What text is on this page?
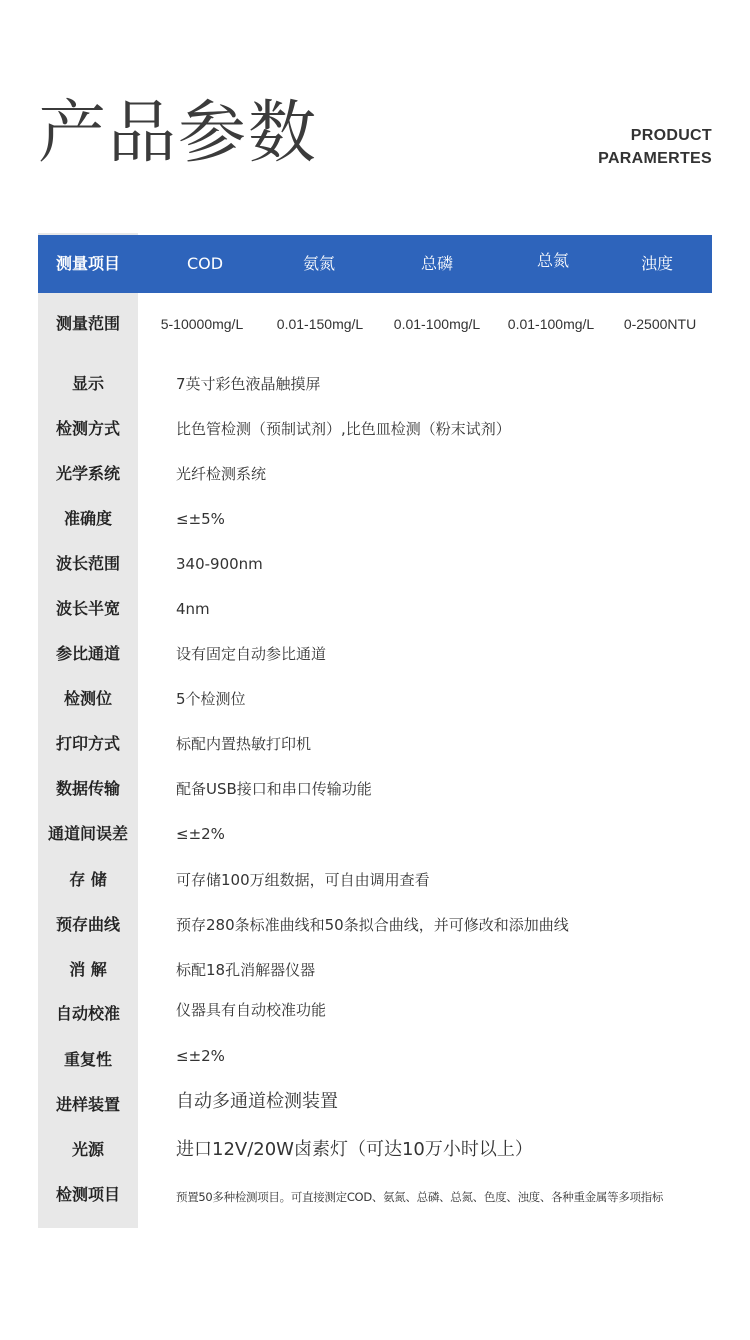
产品参数	PRODUCT
PARAMERTES
测量项目	COD	氨氮	总磷	总氮	浊度
测量范围	5-10000mg/L	0.01-150mg/L	0.01-100mg/L	0.01-100mg/L	0-2500NTU
显示	7英寸彩色液晶触摸屏
检测方式	比色管检测（预制试剂）,比色皿检测（粉末试剂）
光学系统	光纤检测系统
准确度	≤±5%
波长范围	340-900nm
波长半宽	4nm
参比通道	设有固定自动参比通道
检测位	5个检测位
打印方式	标配内置热敏打印机
数据传输	配备USB接口和串口传输功能
通道间误差	≤±2%
存 储	可存储100万组数据，可自由调用查看
预存曲线	预存280条标准曲线和50条拟合曲线，并可修改和添加曲线
消 解	标配18孔消解器仪器
自动校准	仪器具有自动校准功能
重复性	≤±2%
进样装置	自动多通道检测装置
光源	进口12V/20W卤素灯（可达10万小时以上）
检测项目	预置50多种检测项目。可直接测定COD、氨氮、总磷、总氮、色度、浊度、各种重金属等多项指标
